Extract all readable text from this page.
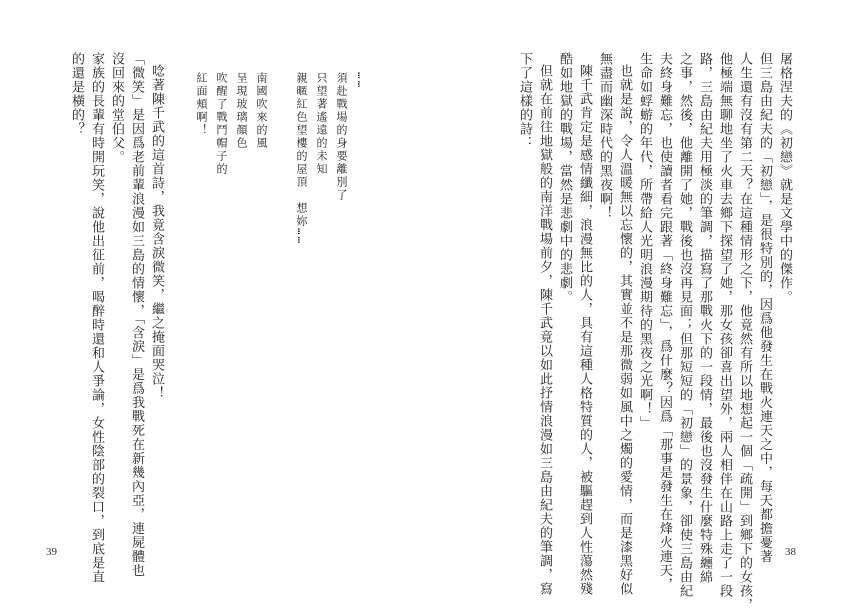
屠格涅夫的《初戀》就是文學中的傑作。
但三島由紀夫的「初戀」，是很特別的，因爲他發生在戰火連天之中，每天都擔憂著
人生還有沒有第二天？在這種情形之下，他竟然有所以地想起一個「疏開」到鄉下的女孩，
他極端無聊地坐了火車去鄉下探望了她，那女孩卻喜出望外，兩人相伴在山路上走了一段
路，三島由紀夫用極淡的筆調，描寫了那戰火下的一段情，最後也沒發生什麼特殊纏綿
之事，然後，他離開了她，戰後也沒再見面；但那短短的「初戀」的景象，卻使三島由紀
夫終身難忘，也使讀者看完跟著「終身難忘」，爲什麼？因爲「那事是發生在烽火連天，
生命如蜉蝣的年代，所帶給人光明浪漫期待的黑夜之光啊！」
也就是說，令人溫暖無以忘懷的，其實並不是那微弱如風中之燭的愛情，而是漆黑好似
無盡而幽深時代的黑夜啊！
陳千武肯定是感情纖細，浪漫無比的人，具有這種人格特質的人，被驅趕到人性蕩然殘
酷如地獄的戰場，當然是悲劇中的悲劇。
但就在前往地獄般的南洋戰場前夕，陳千武竟以如此抒情浪漫如三島由紀夫的筆調，寫
下了這樣的詩：
38
……
須赴戰場的身要離別了
只望著遙遠的未知
親暱紅色望樓的屋頂　想妳……
南國吹來的風
呈現玻璃顏色
吹醒了戰鬥帽子的
紅面頰啊！
唸著陳千武的這首詩，我竟含淚微笑，繼之掩面哭泣！
「微笑」是因爲老前輩浪漫如三島的情懷，「含淚」是爲我戰死在新幾內亞，連屍體也
沒回來的堂伯父。
家族的長輩有時開玩笑，說他出征前，喝醉時還和人爭論，女性陰部的裂口，到底是直
的還是橫的？
39
